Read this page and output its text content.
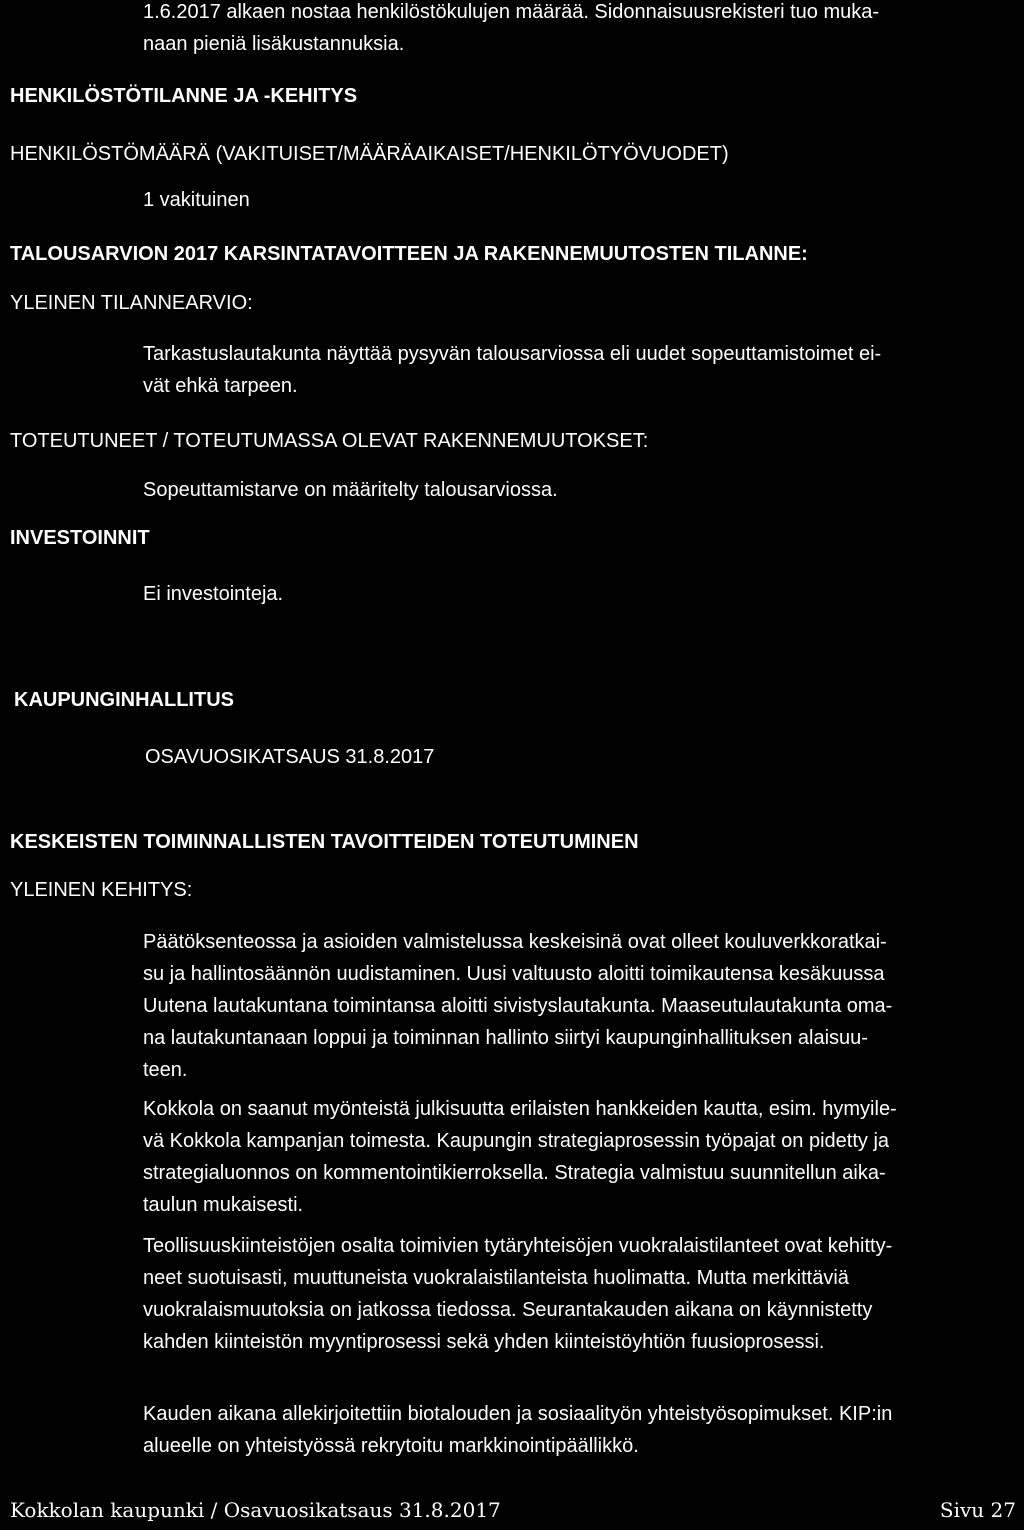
1.6.2017 alkaen nostaa henkilöstökulujen määrää. Sidonnaisuusrekisteri tuo muka-
naan pieniä lisäkustannuksia.
HENKILÖSTÖTILANNE JA -KEHITYS
HENKILÖSTÖMÄÄRÄ (VAKITUISET/MÄÄRÄAIKAISET/HENKILÖTYÖVUODET)
1 vakituinen
TALOUSARVION 2017 KARSINTATAVOITTEEN JA RAKENNEMUUTOSTEN TILANNE:
YLEINEN TILANNEARVIO:
Tarkastuslautakunta näyttää pysyvän talousarviossa eli uudet sopeuttamistoimet ei-
vät ehkä tarpeen.
TOTEUTUNEET / TOTEUTUMASSA OLEVAT RAKENNEMUUTOKSET:
Sopeuttamistarve on määritelty talousarviossa.
INVESTOINNIT
Ei investointeja.
KAUPUNGINHALLITUS
OSAVUOSIKATSAUS 31.8.2017
KESKEISTEN TOIMINNALLISTEN TAVOITTEIDEN TOTEUTUMINEN
YLEINEN KEHITYS:
Päätöksenteossa ja asioiden valmistelussa keskeisinä ovat olleet kouluverkkoratkai-
su ja hallintosäännön uudistaminen. Uusi valtuusto aloitti toimikautensa kesäkuussa
Uutena lautakuntana toimintansa aloitti sivistyslautakunta. Maaseutulautakunta oma-
na lautakuntanaan loppui ja toiminnan hallinto siirtyi kaupunginhallituksen alaisuu-
teen.
Kokkola on saanut myönteistä julkisuutta erilaisten hankkeiden kautta, esim. hymyile-
vä Kokkola kampanjan toimesta. Kaupungin strategiaprosessin työpajat on pidetty ja
strategialuonnos on kommentointikierroksella. Strategia valmistuu suunnitellun aika-
taulun mukaisesti.
Teollisuuskiinteistöjen osalta toimivien tytäryhteisöjen vuokralaistilanteet ovat kehitty-
neet suotuisasti, muuttuneista vuokralaistilanteista huolimatta. Mutta merkittäviä
vuokralaismuutoksia on jatkossa tiedossa. Seurantakauden aikana on käynnistetty
kahden kiinteistön myyntiprosessi sekä yhden kiinteistöyhtiön fuusioprosessi.
Kauden aikana allekirjoitettiin biotalouden ja sosiaalityön yhteistyösopimukset. KIP:in
alueelle on yhteistyössä rekrytoitu markkinointipäällikkö.
Kokkolan kaupunki / Osavuosikatsaus 31.8.2017	Sivu 27
